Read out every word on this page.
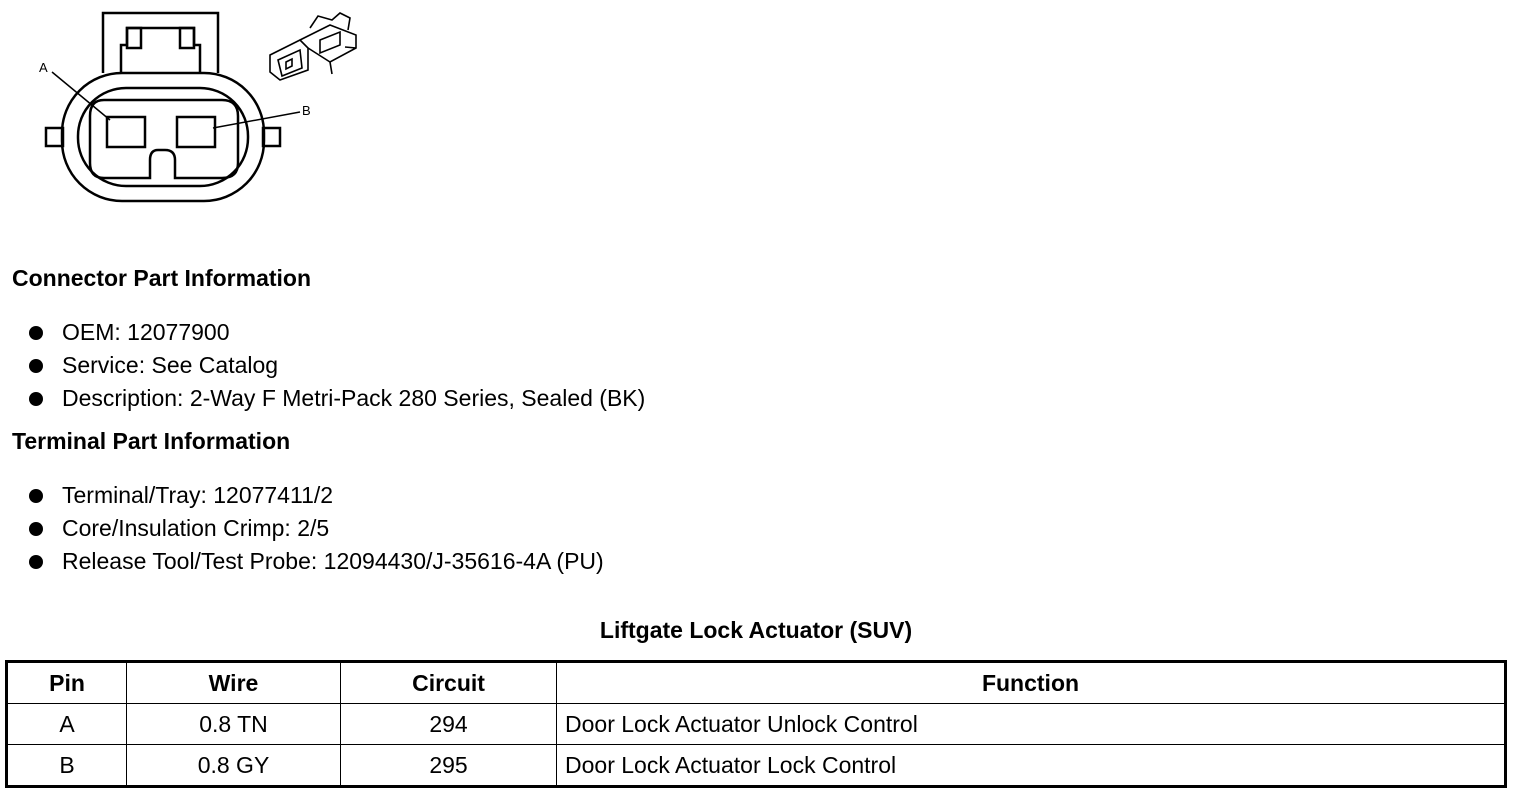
A
B
Connector Part Information
OEM: 12077900
Service: See Catalog
Description: 2-Way F Metri-Pack 280 Series, Sealed (BK)
Terminal Part Information
Terminal/Tray: 12077411/2
Core/Insulation Crimp: 2/5
Release Tool/Test Probe: 12094430/J-35616-4A (PU)
Liftgate Lock Actuator (SUV)
Pin	Wire	Circuit	Function
A	0.8 TN	294	Door Lock Actuator Unlock Control
B	0.8 GY	295	Door Lock Actuator Lock Control
